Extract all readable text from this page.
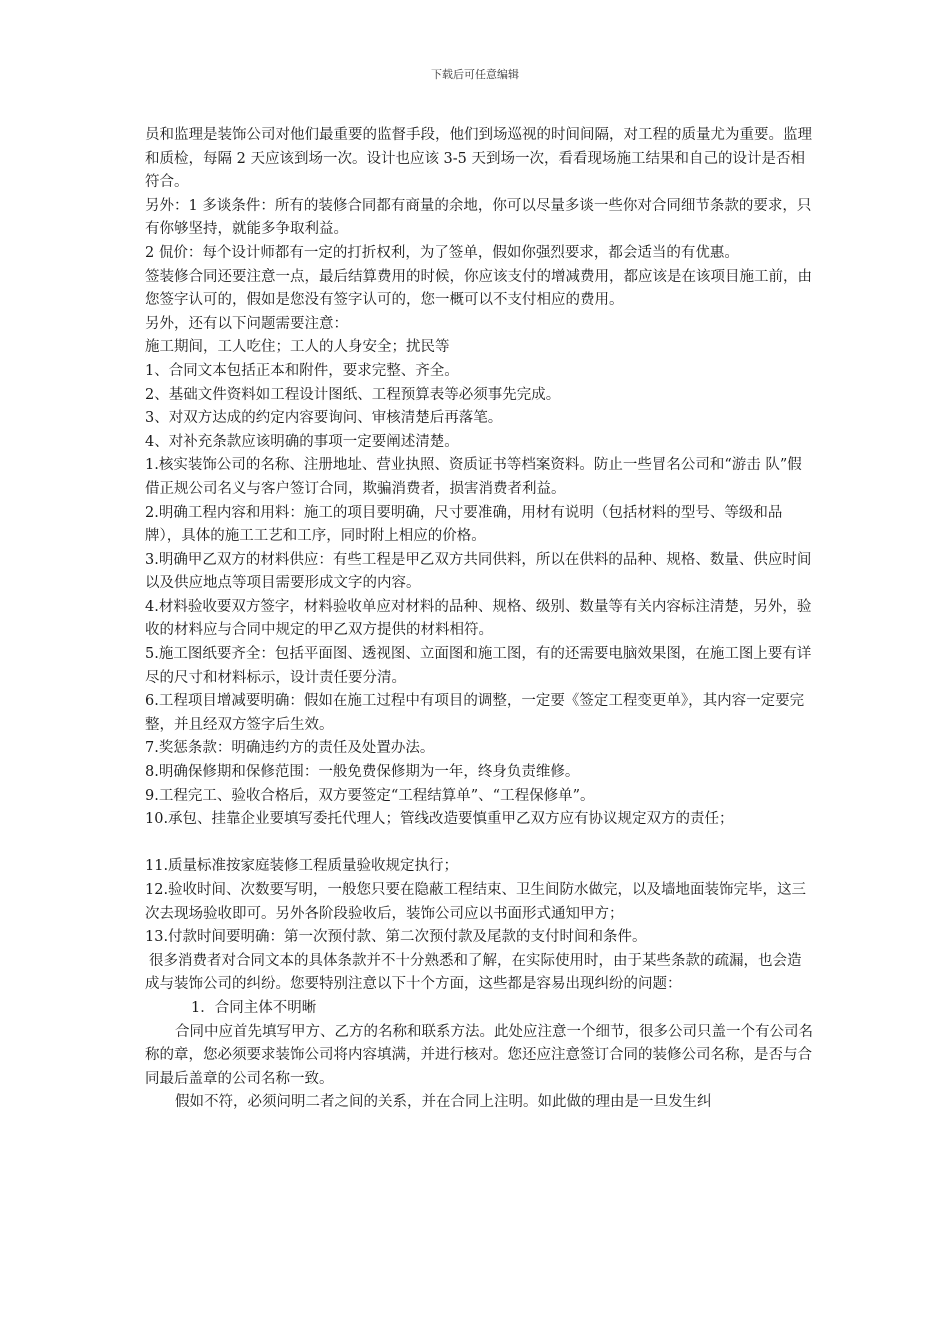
下载后可任意编辑

员和监理是装饰公司对他们最重要的监督手段，他们到场巡视的时间间隔，对工程的质量尤为重要。监理和质检，每隔 2 天应该到场一次。设计也应该 3-5 天到场一次，看看现场施工结果和自己的设计是否相符合。

另外：1 多谈条件：所有的装修合同都有商量的余地，你可以尽量多谈一些你对合同细节条款的要求，只有你够坚持，就能多争取利益。

2 侃价：每个设计师都有一定的打折权利，为了签单，假如你强烈要求，都会适当的有优惠。

签装修合同还要注意一点，最后结算费用的时候，你应该支付的增减费用，都应该是在该项目施工前，由您签字认可的，假如是您没有签字认可的，您一概可以不支付相应的费用。

另外，还有以下问题需要注意：

施工期间，工人吃住；工人的人身安全；扰民等

1、合同文本包括正本和附件，要求完整、齐全。

2、基础文件资料如工程设计图纸、工程预算表等必须事先完成。

3、对双方达成的约定内容要询问、审核清楚后再落笔。

4、对补充条款应该明确的事项一定要阐述清楚。

1.核实装饰公司的名称、注册地址、营业执照、资质证书等档案资料。防止一些冒名公司和“游击 队”假借正规公司名义与客户签订合同，欺骗消费者，损害消费者利益。

2.明确工程内容和用料：施工的项目要明确，尺寸要准确，用材有说明（包括材料的型号、等级和品牌），具体的施工工艺和工序，同时附上相应的价格。

3.明确甲乙双方的材料供应：有些工程是甲乙双方共同供料，所以在供料的品种、规格、数量、供应时间以及供应地点等项目需要形成文字的内容。

4.材料验收要双方签字，材料验收单应对材料的品种、规格、级别、数量等有关内容标注清楚，另外，验收的材料应与合同中规定的甲乙双方提供的材料相符。

5.施工图纸要齐全：包括平面图、透视图、立面图和施工图，有的还需要电脑效果图，在施工图上要有详尽的尺寸和材料标示，设计责任要分清。

6.工程项目增减要明确：假如在施工过程中有项目的调整，一定要《签定工程变更单》，其内容一定要完整，并且经双方签字后生效。

7.奖惩条款：明确违约方的责任及处置办法。

8.明确保修期和保修范围：一般免费保修期为一年，终身负责维修。

9.工程完工、验收合格后，双方要签定“工程结算单”、“工程保修单”。

10.承包、挂靠企业要填写委托代理人；管线改造要慎重甲乙双方应有协议规定双方的责任；

11.质量标准按家庭装修工程质量验收规定执行；

12.验收时间、次数要写明，一般您只要在隐蔽工程结束、卫生间防水做完，以及墙地面装饰完毕，这三次去现场验收即可。另外各阶段验收后，装饰公司应以书面形式通知甲方；

13.付款时间要明确：第一次预付款、第二次预付款及尾款的支付时间和条件。

很多消费者对合同文本的具体条款并不十分熟悉和了解，在实际使用时，由于某些条款的疏漏，也会造成与装饰公司的纠纷。您要特别注意以下十个方面，这些都是容易出现纠纷的问题：

1．合同主体不明晰

合同中应首先填写甲方、乙方的名称和联系方法。此处应注意一个细节，很多公司只盖一个有公司名称的章，您必须要求装饰公司将内容填满，并进行核对。您还应注意签订合同的装修公司名称，是否与合同最后盖章的公司名称一致。

假如不符，必须问明二者之间的关系，并在合同上注明。如此做的理由是一旦发生纠
